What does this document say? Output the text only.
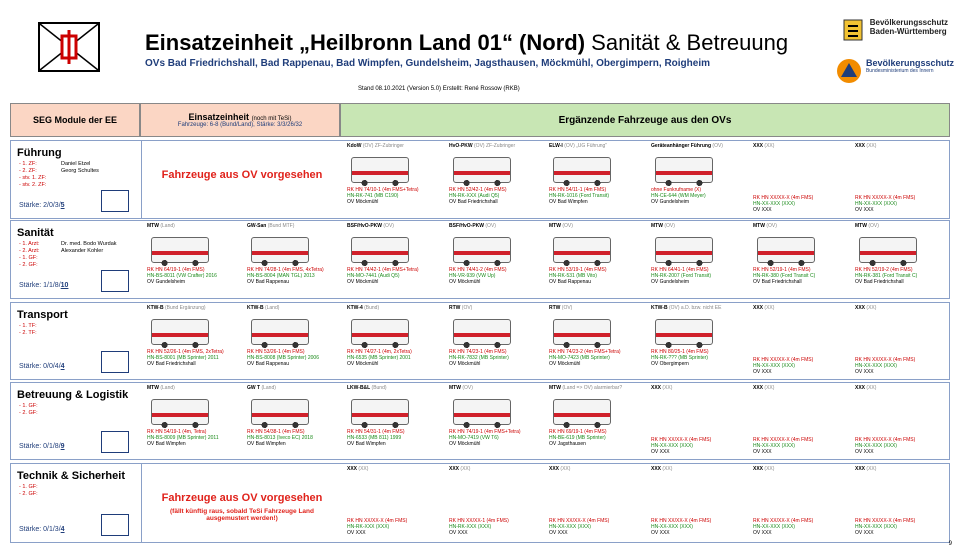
Einsatzeinheit „Heilbronn Land 01“ (Nord) Sanität & Betreuung
OVs Bad Friedrichshall, Bad Rappenau, Bad Wimpfen, Gundelsheim, Jagsthausen, Möckmühl, Obergimpern, Roigheim
Stand 08.10.2021 (Version 5.0) Erstellt: René Rossow (RKB)
Bevölkerungsschutz
Baden-Württemberg
Bevölkerungsschutz
Bundesministerium des Innern
SEG Module der EE	Einsatzeinheit (noch mit TeSi)
Fahrzeuge: 6-8 (Bund/Land), Stärke: 3/3/26/32	Ergänzende Fahrzeuge aus den OVs
Führung
- 1. ZF:	Daniel Etzel
- 2. ZF:	Georg Schultes
- stv. 1. ZF:
- stv. 2. ZF:
Stärke: 2/0/3/5
Fahrzeuge aus OV vorgesehen
KdoW (OV) ZF-Zubringer
RK HN 74/10-1 (4m FMS+Tetra)
HN-RK-741 (MB C190)
OV Möckmühl
HvO-PKW (OV) ZF-Zubringer
RK HN 52/42-1 (4m FMS)
HN-RK-XXX (Audi Q5)
OV Bad Friedrichshall
ELW-I (OV) „UG Führung“
RK HN 54/11-1 (4m FMS)
HN-RK-1016 (Ford Transit)
OV Bad Wimpfen
Geräteanhänger Führung (OV)
ohne Funkrufname (X)
HN-CE-644 (WM Meyer)
OV Gundelsheim
XXX (XX)
RK HN XX/XX-X (4m FMS)
HN-XX-XXX (XXX)
OV XXX
XXX (XX)
RK HN XX/XX-X (4m FMS)
HN-XX-XXX (XXX)
OV XXX
Sanität
- 1. Arzt:	Dr. med. Bodo Wurdak
- 2. Arzt:	Alexander Kohler
- 1. GF:
- 2. GF:
Stärke: 1/1/8/10
MTW (Land)
RK HN 64/19-1 (4m FMS)
HN-BS-8011 (VW Crafter) 2016
OV Gundelsheim
GW-San (Bund MTF)
RK HN 74/28-1 (4m FMS, 4xTetra)
HN-BS-8004 (MAN TGL) 2013
OV Bad Rappenau
BSF/HvO-PKW (OV)
RK HN 74/42-1 (4m FMS+Tetra)
HN-MO-7441 (Audi Q5)
OV Möckmühl
BSF/HvO-PKW (OV)
RK HN 74/41-2 (4m FMS)
HN-VR-939 (VW Up)
OV Möckmühl
MTW (OV)
RK HN 53/19-1 (4m FMS)
HN-RK-531 (MB Vito)
OV Bad Rappenau
MTW (OV)
RK HN 64/41-1 (4m FMS)
HN-RK-2007 (Ford Transit)
OV Gundelsheim
MTW (OV)
RK HN 52/19-1 (4m FMS)
HN-RK-380 (Ford Transit C)
OV Bad Friedrichshall
MTW (OV)
RK HN 52/19-2 (4m FMS)
HN-RK-381 (Ford Transit C)
OV Bad Friedrichshall
Transport
- 1. TF:
- 2. TF:
Stärke: 0/0/4/4
KTW-B (Bund Ergänzung)
RK HN 52/26-1 (4m FMS, 2xTetra)
HN-BS-8001 (MB Sprinter) 2011
OV Bad Friedrichshall
KTW-B (Land)
RK HN 53/26-1 (4m FMS)
HN-BS-8008 (MB Sprinter) 2006
OV Bad Rappenau
KTW-4 (Bund)
RK HN 74/27-1 (4m, 2xTetra)
HN-6535 (MB Sprinter) 2001
OV Möckmühl
RTW (OV)
RK HN 74/23-1 (4m FMS)
HN-RK-7832 (MB Sprinter)
OV Möckmühl
RTW (OV)
RK HN 74/23-2 (4m FMS+Tetra)
HN-MO-7423 (MB Sprinter)
OV Möckmühl
KTW-B (OV) a.D. bzw. nicht EE
RK HN 80/25-1 (4m FMS)
HN-RK-??? (MB Sprinter)
OV Obergimpern
XXX (XX)
RK HN XX/XX-X (4m FMS)
HN-XX-XXX (XXX)
OV XXX
XXX (XX)
RK HN XX/XX-X (4m FMS)
HN-XX-XXX (XXX)
OV XXX
Betreuung & Logistik
- 1. GF:
- 2. GF:
Stärke: 0/1/8/9
MTW (Land)
RK HN 54/19-1 (4m, Tetra)
HN-BS-8009 (MB Sprinter) 2011
OV Bad Wimpfen
GW T (Land)
RK HN 54/38-1 (4m FMS)
HN-BS-8013 (Iveco EC) 2018
OV Bad Wimpfen
LKW-B&L (Bund)
RK HN 54/31-1 (4m FMS)
HN-6533 (MB 811) 1999
OV Bad Wimpfen
MTW (OV)
RK HN 74/19-1 (4m FMS+Tetra)
HN-MO-7419 (VW T6)
OV Möckmühl
MTW (Land => OV) alarmierbar?
RK HN 69/19-1 (4m FMS)
HN-BE-619 (MB Sprinter)
OV Jagsthausen
XXX (XX)
RK HN XX/XX-X (4m FMS)
HN-XX-XXX (XXX)
OV XXX
XXX (XX)
RK HN XX/XX-X (4m FMS)
HN-XX-XXX (XXX)
OV XXX
XXX (XX)
RK HN XX/XX-X (4m FMS)
HN-XX-XXX (XXX)
OV XXX
Technik & Sicherheit
- 1. GF:
- 2. GF:
Stärke: 0/1/3/4
Fahrzeuge aus OV vorgesehen
(fällt künftig raus, sobald TeSi Fahrzeuge Land ausgemustert werden!)
XXX (XX)
RK HN XX/XX-X (4m FMS)
HN-RK-XXX (XXX)
OV XXX
XXX (XX)
RK HN XX/XX-1 (4m FMS)
HN-RK-XXX (XXX)
OV XXX
XXX (XX)
RK HN XX/XX-X (4m FMS)
HN-XX-XXX (XXX)
OV XXX
XXX (XX)
RK HN XX/XX-X (4m FMS)
HN-XX-XXX (XXX)
OV XXX
XXX (XX)
RK HN XX/XX-X (4m FMS)
HN-XX-XXX (XXX)
OV XXX
XXX (XX)
RK HN XX/XX-X (4m FMS)
HN-XX-XXX (XXX)
OV XXX
9
